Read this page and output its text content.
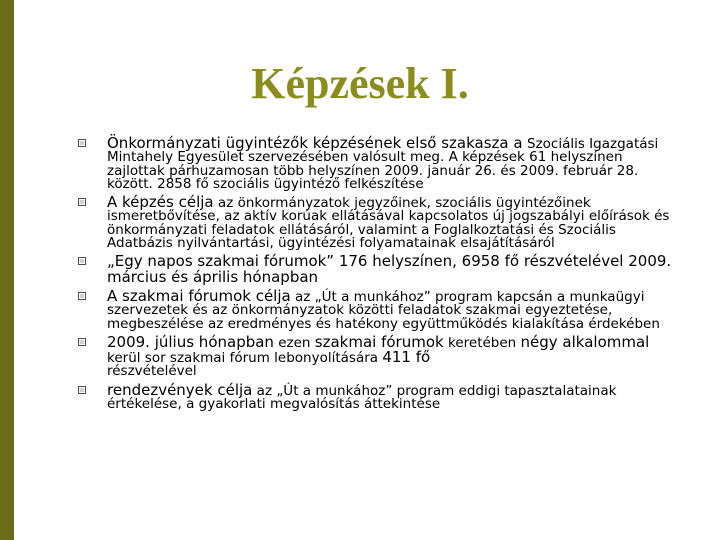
Képzések I.
Önkormányzati ügyintézők képzésének első szakasza a Szociális Igazgatási Mintahely Egyesület szervezésében valósult meg. A képzések 61 helyszínen zajlottak párhuzamosan több helyszínen 2009. január 26. és 2009. február 28. között. 2858 fő szociális ügyintéző felkészítése
A képzés célja az önkormányzatok jegyzőinek, szociális ügyintézőinek ismeretbővítése, az aktív korúak ellátásával kapcsolatos új jogszabályi előírások és önkormányzati feladatok ellátásáról, valamint a Foglalkoztatási és Szociális Adatbázis nyilvántartási, ügyintézési folyamatainak elsajátításáról
„Egy napos szakmai fórumok” 176 helyszínen, 6958 fő részvételével 2009. március és április hónapban
A szakmai fórumok célja az „Út a munkához” program kapcsán a munkaügyi szervezetek és az önkormányzatok közötti feladatok szakmai egyeztetése, megbeszélése az eredményes és hatékony együttműködés kialakítása érdekében
2009. július hónapban ezen szakmai fórumok keretében négy alkalommal kerül sor szakmai fórum lebonyolítására 411 fő
részvételével
rendezvények célja az „Út a munkához” program eddigi tapasztalatainak értékelése, a gyakorlati megvalósítás áttekintése
